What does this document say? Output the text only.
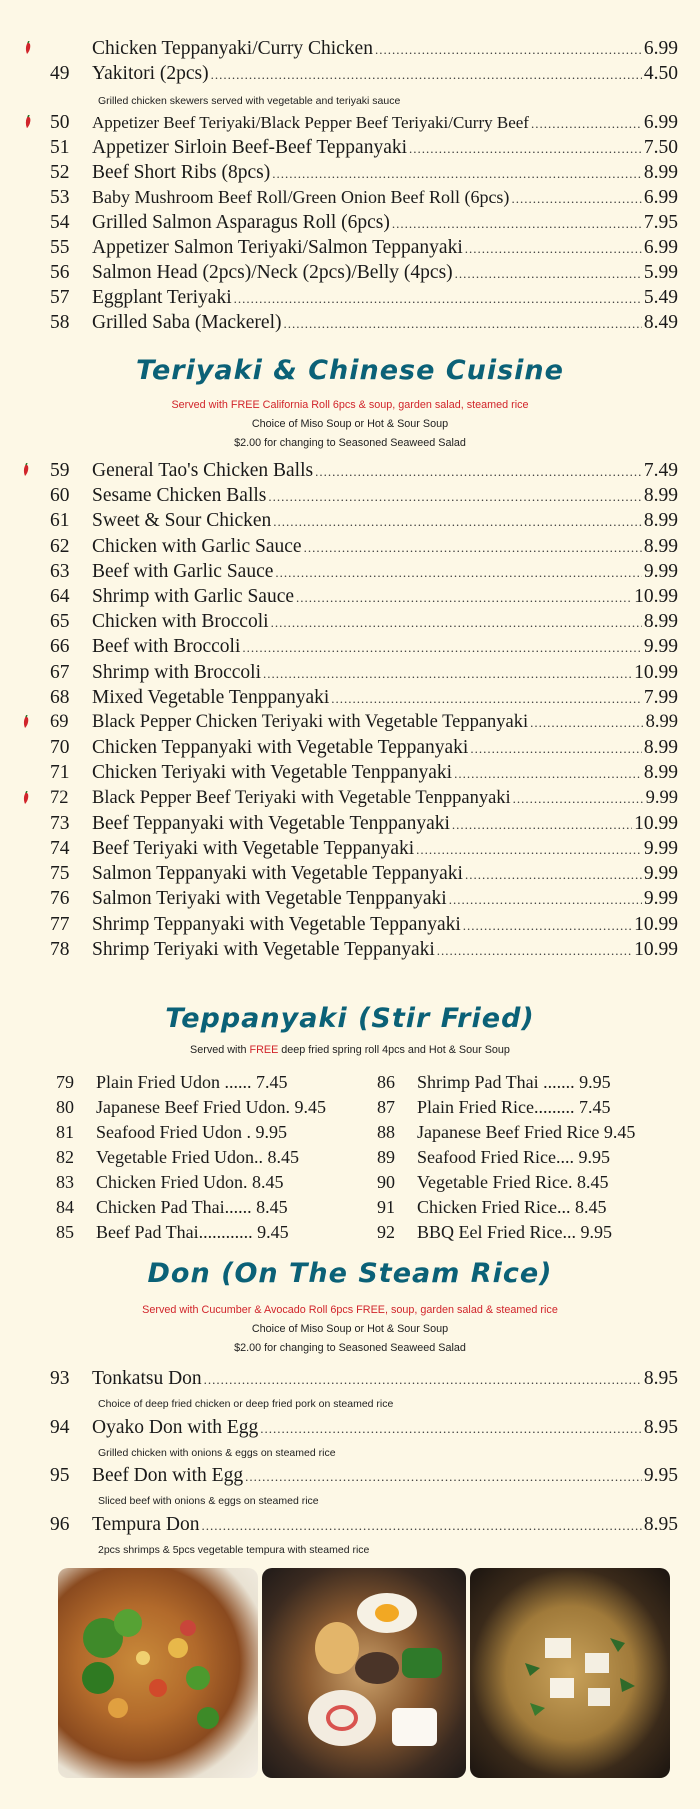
Chicken Teppanyaki/
Curry Chicken .....	6.99
49	Yakitori (2pcs) .....	4.50
Grilled chicken skewers served with vegetable and teriyaki sauce
50	Appetizer Beef Teriyaki/
Black Pepper Beef Teriyaki/
Curry Beef .....	6.99
51	Appetizer Sirloin Beef-Beef Teppanyaki .....	7.50
52	Beef Short Ribs (8pcs) .....	8.99
53	Baby Mushroom Beef Roll/Green Onion Beef Roll (6pcs) .....	6.99
54	Grilled Salmon Asparagus Roll (6pcs) .....	7.95
55	Appetizer Salmon Teriyaki/Salmon Teppanyaki .....	6.99
56	Salmon Head (2pcs)/Neck (2pcs)/Belly (4pcs) .....	5.99
57	Eggplant Teriyaki .....	5.49
58	Grilled Saba (Mackerel) .....	8.49
Teriyaki & Chinese Cuisine
Served with FREE California Roll 6pcs & soup, garden salad, steamed rice
Choice of Miso Soup or Hot & Sour Soup
$2.00 for changing to Seasoned Seaweed Salad
59	General Tao's Chicken Balls .....	7.49
60	Sesame Chicken Balls .....	8.99
61	Sweet & Sour Chicken .....	8.99
62	Chicken with Garlic Sauce .....	8.99
63	Beef with Garlic Sauce .....	9.99
64	Shrimp with Garlic Sauce .....	10.99
65	Chicken with Broccoli .....	8.99
66	Beef with Broccoli .....	9.99
67	Shrimp with Broccoli .....	10.99
68	Mixed Vegetable Tenppanyaki .....	7.99
69	Black Pepper Chicken Teriyaki with Vegetable Teppanyaki .....	8.99
70	Chicken Teppanyaki with Vegetable Teppanyaki .....	8.99
71	Chicken Teriyaki with Vegetable Tenppanyaki .....	8.99
72	Black Pepper Beef Teriyaki with Vegetable Tenppanyaki .....	9.99
73	Beef Teppanyaki with Vegetable Tenppanyaki .....	10.99
74	Beef Teriyaki with Vegetable Teppanyaki .....	9.99
75	Salmon Teppanyaki with Vegetable Teppanyaki .....	9.99
76	Salmon Teriyaki with Vegetable Tenppanyaki .....	9.99
77	Shrimp Teppanyaki with Vegetable Teppanyaki .....	10.99
78	Shrimp Teriyaki with Vegetable Teppanyaki .....	10.99
Teppanyaki (Stir Fried)
Served with FREE deep fried spring roll 4pcs and Hot & Sour Soup
79	Plain Fried Udon ...... 7.45
80	Japanese Beef Fried Udon. 9.45
81	Seafood Fried Udon . 9.95
82	Vegetable Fried Udon.. 8.45
83	Chicken Fried Udon. 8.45
84	Chicken Pad Thai...... 8.45
85	Beef Pad Thai............ 9.45
86	Shrimp Pad Thai ....... 9.95
87	Plain Fried Rice......... 7.45
88	Japanese Beef Fried Rice 9.45
89	Seafood Fried Rice.... 9.95
90	Vegetable Fried Rice. 8.45
91	Chicken Fried Rice... 8.45
92	BBQ Eel Fried Rice... 9.95
Don (On The Steam Rice)
Served with Cucumber & Avocado Roll 6pcs FREE, soup, garden salad & steamed rice
Choice of Miso Soup or Hot & Sour Soup
$2.00 for changing to Seasoned Seaweed Salad
93	Tonkatsu Don .....	8.95
Choice of deep fried chicken or deep fried pork on steamed rice
94	Oyako Don with Egg .....	8.95
Grilled chicken with onions & eggs on steamed rice
95	Beef Don with Egg .....	9.95
Sliced beef with onions & eggs on steamed rice
96	Tempura Don .....	8.95
2pcs shrimps & 5pcs vegetable tempura with steamed rice
